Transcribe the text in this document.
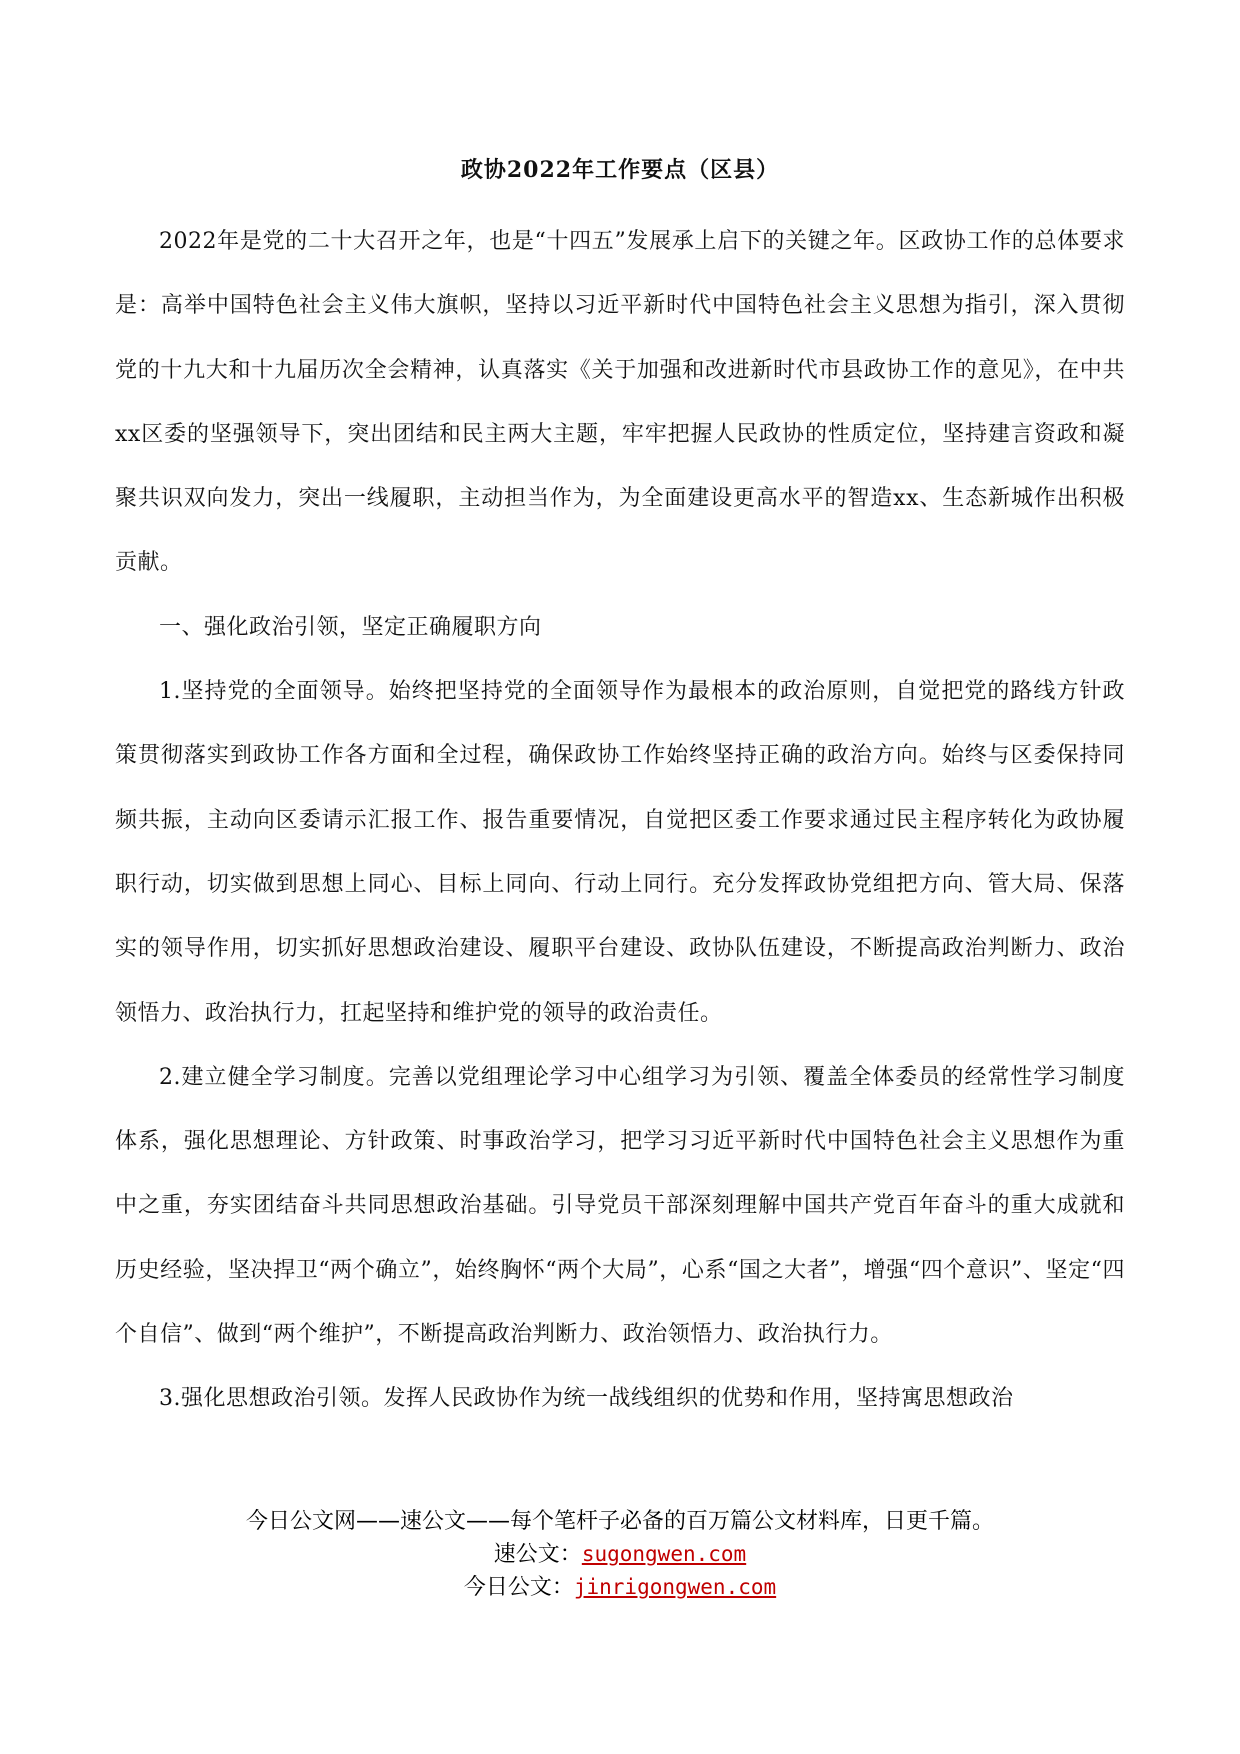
政协2022年工作要点（区县）

2022年是党的二十大召开之年，也是“十四五”发展承上启下的关键之年。区政协工作的总体要求是：高举中国特色社会主义伟大旗帜，坚持以习近平新时代中国特色社会主义思想为指引，深入贯彻党的十九大和十九届历次全会精神，认真落实《关于加强和改进新时代市县政协工作的意见》，在中共xx区委的坚强领导下，突出团结和民主两大主题，牢牢把握人民政协的性质定位，坚持建言资政和凝聚共识双向发力，突出一线履职，主动担当作为，为全面建设更高水平的智造xx、生态新城作出积极贡献。

一、强化政治引领，坚定正确履职方向

1.坚持党的全面领导。始终把坚持党的全面领导作为最根本的政治原则，自觉把党的路线方针政策贯彻落实到政协工作各方面和全过程，确保政协工作始终坚持正确的政治方向。始终与区委保持同频共振，主动向区委请示汇报工作、报告重要情况，自觉把区委工作要求通过民主程序转化为政协履职行动，切实做到思想上同心、目标上同向、行动上同行。充分发挥政协党组把方向、管大局、保落实的领导作用，切实抓好思想政治建设、履职平台建设、政协队伍建设，不断提高政治判断力、政治领悟力、政治执行力，扛起坚持和维护党的领导的政治责任。

2.建立健全学习制度。完善以党组理论学习中心组学习为引领、覆盖全体委员的经常性学习制度体系，强化思想理论、方针政策、时事政治学习，把学习习近平新时代中国特色社会主义思想作为重中之重，夯实团结奋斗共同思想政治基础。引导党员干部深刻理解中国共产党百年奋斗的重大成就和历史经验，坚决捍卫“两个确立”，始终胸怀“两个大局”，心系“国之大者”，增强“四个意识”、坚定“四个自信”、做到“两个维护”，不断提高政治判断力、政治领悟力、政治执行力。

3.强化思想政治引领。发挥人民政协作为统一战线组织的优势和作用，坚持寓思想政治

今日公文网——速公文——每个笔杆子必备的百万篇公文材料库，日更千篇。
速公文：sugongwen.com
今日公文：jinrigongwen.com
